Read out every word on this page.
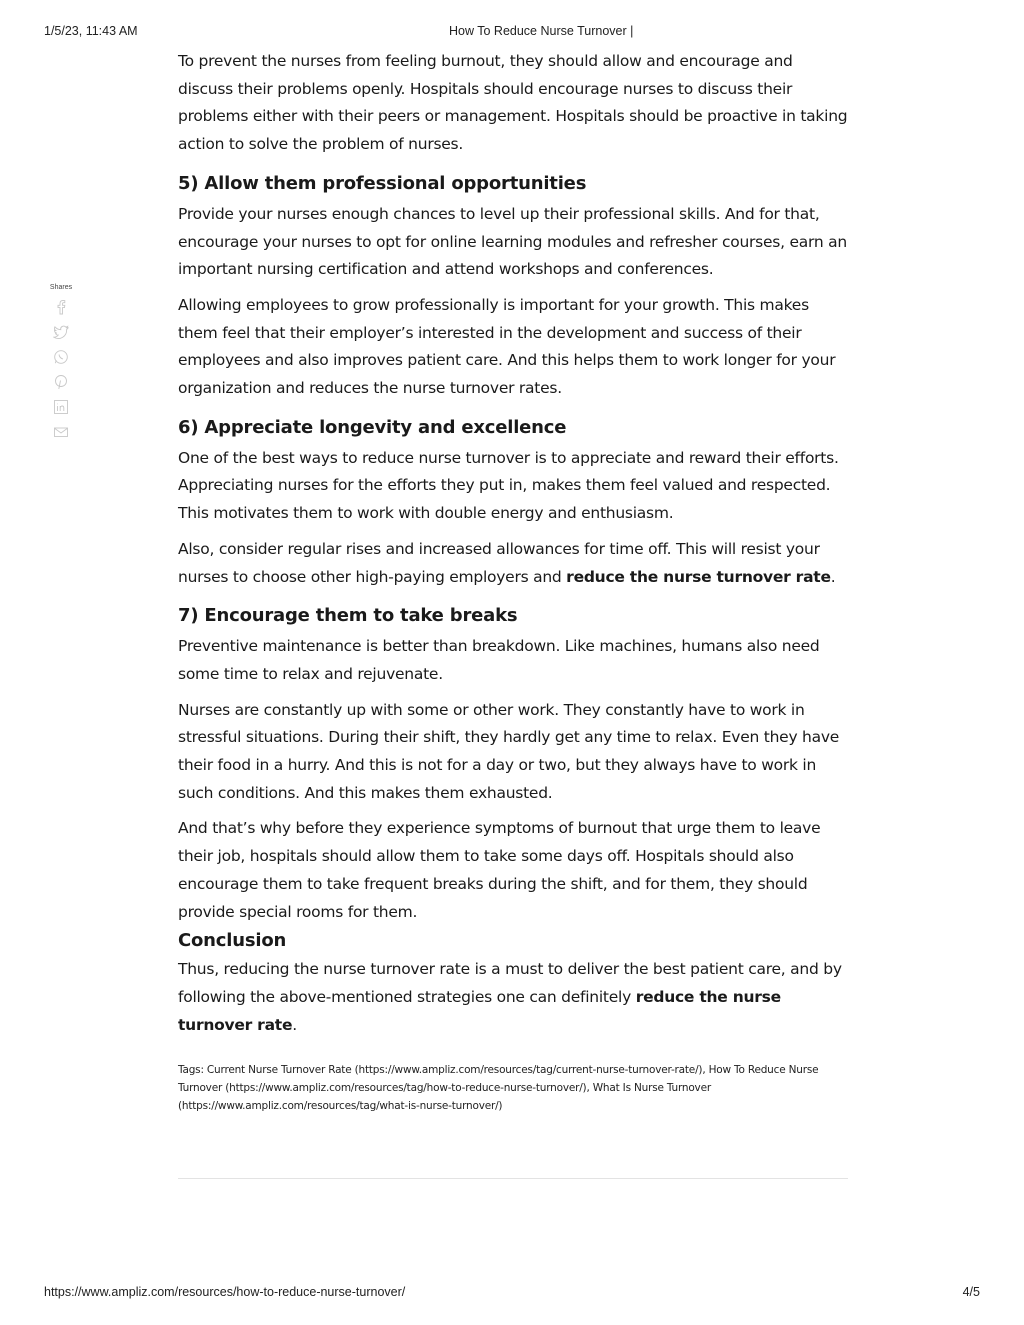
1/5/23, 11:43 AM	How To Reduce Nurse Turnover |
Shares

To prevent the nurses from feeling burnout, they should allow and encourage and discuss their problems openly. Hospitals should encourage nurses to discuss their problems either with their peers or management. Hospitals should be proactive in taking action to solve the problem of nurses.

5) Allow them professional opportunities

Provide your nurses enough chances to level up their professional skills. And for that, encourage your nurses to opt for online learning modules and refresher courses, earn an important nursing certification and attend workshops and conferences.

Allowing employees to grow professionally is important for your growth. This makes them feel that their employer’s interested in the development and success of their employees and also improves patient care. And this helps them to work longer for your organization and reduces the nurse turnover rates.

6) Appreciate longevity and excellence

One of the best ways to reduce nurse turnover is to appreciate and reward their efforts. Appreciating nurses for the efforts they put in, makes them feel valued and respected. This motivates them to work with double energy and enthusiasm.

Also, consider regular rises and increased allowances for time off. This will resist your nurses to choose other high-paying employers and reduce the nurse turnover rate.

7) Encourage them to take breaks

Preventive maintenance is better than breakdown. Like machines, humans also need some time to relax and rejuvenate.

Nurses are constantly up with some or other work. They constantly have to work in stressful situations. During their shift, they hardly get any time to relax. Even they have their food in a hurry. And this is not for a day or two, but they always have to work in such conditions. And this makes them exhausted.

And that’s why before they experience symptoms of burnout that urge them to leave their job, hospitals should allow them to take some days off. Hospitals should also encourage them to take frequent breaks during the shift, and for them, they should provide special rooms for them.

Conclusion

Thus, reducing the nurse turnover rate is a must to deliver the best patient care, and by following the above-mentioned strategies one can definitely reduce the nurse turnover rate.

Tags: Current Nurse Turnover Rate (https://www.ampliz.com/resources/tag/current-nurse-turnover-rate/), How To Reduce Nurse Turnover (https://www.ampliz.com/resources/tag/how-to-reduce-nurse-turnover/), What Is Nurse Turnover (https://www.ampliz.com/resources/tag/what-is-nurse-turnover/)
https://www.ampliz.com/resources/how-to-reduce-nurse-turnover/	4/5
